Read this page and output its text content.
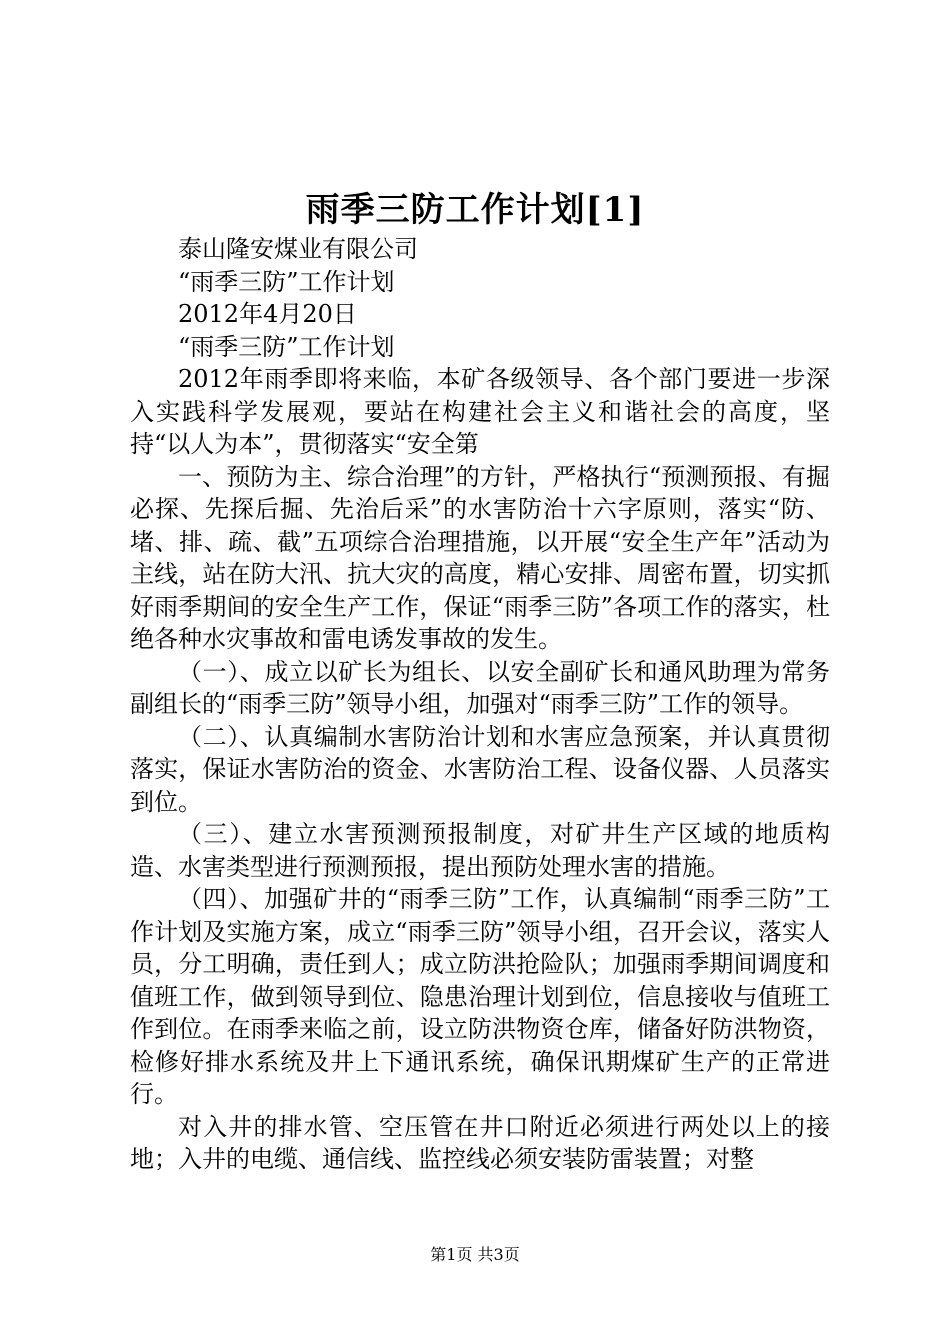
雨季三防工作计划[1]

泰山隆安煤业有限公司

“雨季三防”工作计划

2012年4月20日

“雨季三防”工作计划

2012年雨季即将来临，本矿各级领导、各个部门要进一步深入实践科学发展观，要站在构建社会主义和谐社会的高度，坚持“以人为本”，贯彻落实“安全第

一、预防为主、综合治理”的方针，严格执行“预测预报、有掘必探、先探后掘、先治后采”的水害防治十六字原则，落实“防、堵、排、疏、截”五项综合治理措施，以开展“安全生产年”活动为主线，站在防大汛、抗大灾的高度，精心安排、周密布置，切实抓好雨季期间的安全生产工作，保证“雨季三防”各项工作的落实，杜绝各种水灾事故和雷电诱发事故的发生。

（一）、成立以矿长为组长、以安全副矿长和通风助理为常务副组长的“雨季三防”领导小组，加强对“雨季三防”工作的领导。

（二）、认真编制水害防治计划和水害应急预案，并认真贯彻落实，保证水害防治的资金、水害防治工程、设备仪器、人员落实到位。

（三）、建立水害预测预报制度，对矿井生产区域的地质构造、水害类型进行预测预报，提出预防处理水害的措施。

（四）、加强矿井的“雨季三防”工作，认真编制“雨季三防”工作计划及实施方案，成立“雨季三防”领导小组，召开会议，落实人员，分工明确，责任到人；成立防洪抢险队；加强雨季期间调度和值班工作，做到领导到位、隐患治理计划到位，信息接收与值班工作到位。在雨季来临之前，设立防洪物资仓库，储备好防洪物资，检修好排水系统及井上下通讯系统，确保讯期煤矿生产的正常进行。

对入井的排水管、空压管在井口附近必须进行两处以上的接地；入井的电缆、通信线、监控线必须安装防雷装置；对整

第1页 共3页
